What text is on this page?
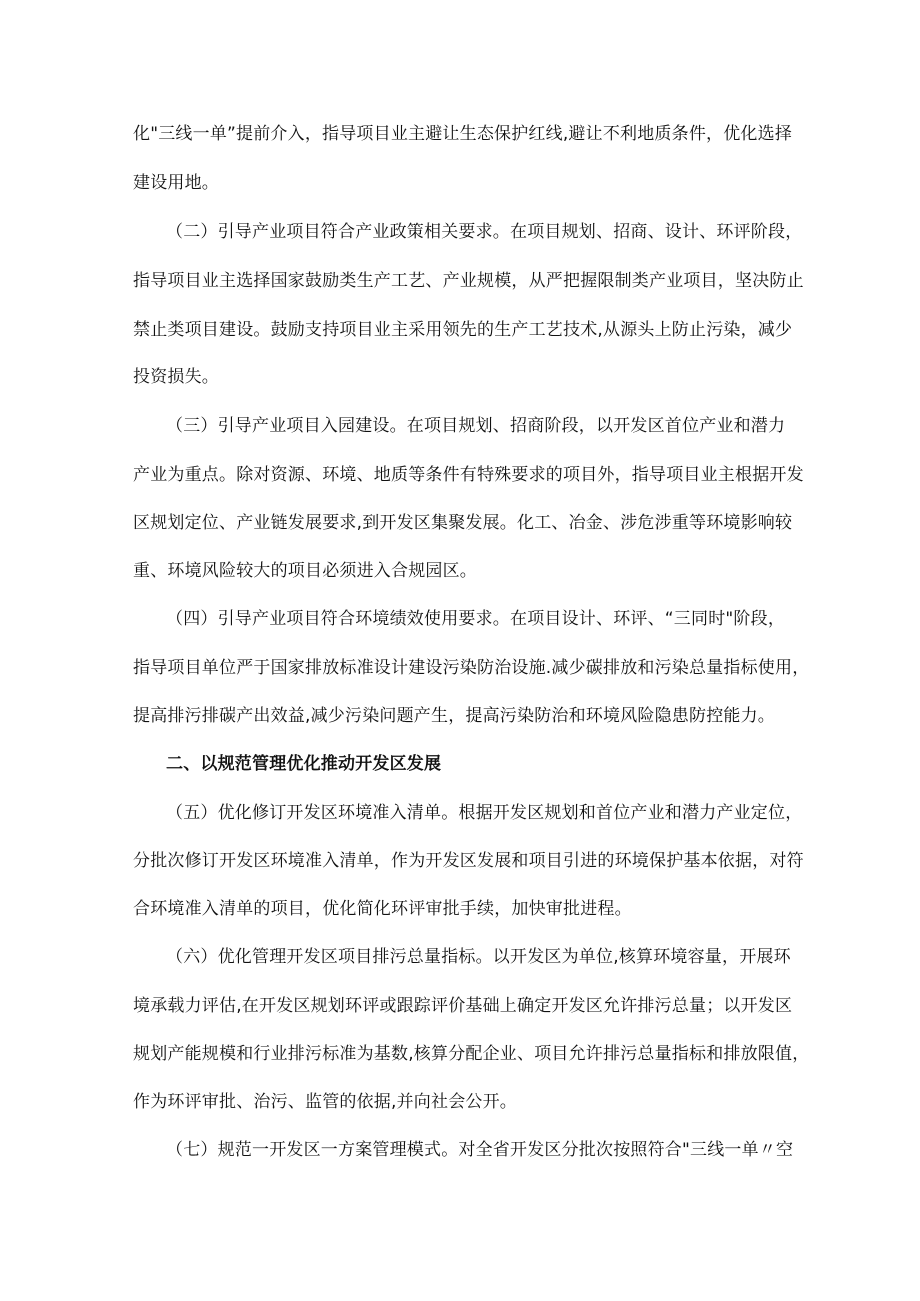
化"三线一单”提前介入，指导项目业主避让生态保护红线,避让不利地质条件，优化选择
建设用地。
（二）引导产业项目符合产业政策相关要求。在项目规划、招商、设计、环评阶段，
指导项目业主选择国家鼓励类生产工艺、产业规模，从严把握限制类产业项目，坚决防止
禁止类项目建设。鼓励支持项目业主采用领先的生产工艺技术,从源头上防止污染，减少
投资损失。
（三）引导产业项目入园建设。在项目规划、招商阶段，以开发区首位产业和潜力
产业为重点。除对资源、环境、地质等条件有特殊要求的项目外，指导项目业主根据开发
区规划定位、产业链发展要求,到开发区集聚发展。化工、冶金、涉危涉重等环境影响较
重、环境风险较大的项目必须进入合规园区。
（四）引导产业项目符合环境绩效使用要求。在项目设计、环评、“三同时"阶段，
指导项目单位严于国家排放标准设计建设污染防治设施.减少碳排放和污染总量指标使用，
提高排污排碳产出效益,减少污染问题产生，提高污染防治和环境风险隐患防控能力。
二、以规范管理优化推动开发区发展
（五）优化修订开发区环境准入清单。根据开发区规划和首位产业和潜力产业定位，
分批次修订开发区环境准入清单，作为开发区发展和项目引进的环境保护基本依据，对符
合环境准入清单的项目，优化简化环评审批手续，加快审批进程。
（六）优化管理开发区项目排污总量指标。以开发区为单位,核算环境容量，开展环
境承载力评估,在开发区规划环评或跟踪评价基础上确定开发区允许排污总量；以开发区
规划产能规模和行业排污标准为基数,核算分配企业、项目允许排污总量指标和排放限值，
作为环评审批、治污、监管的依据,并向社会公开。
（七）规范一开发区一方案管理模式。对全省开发区分批次按照符合"三线一单〃空
